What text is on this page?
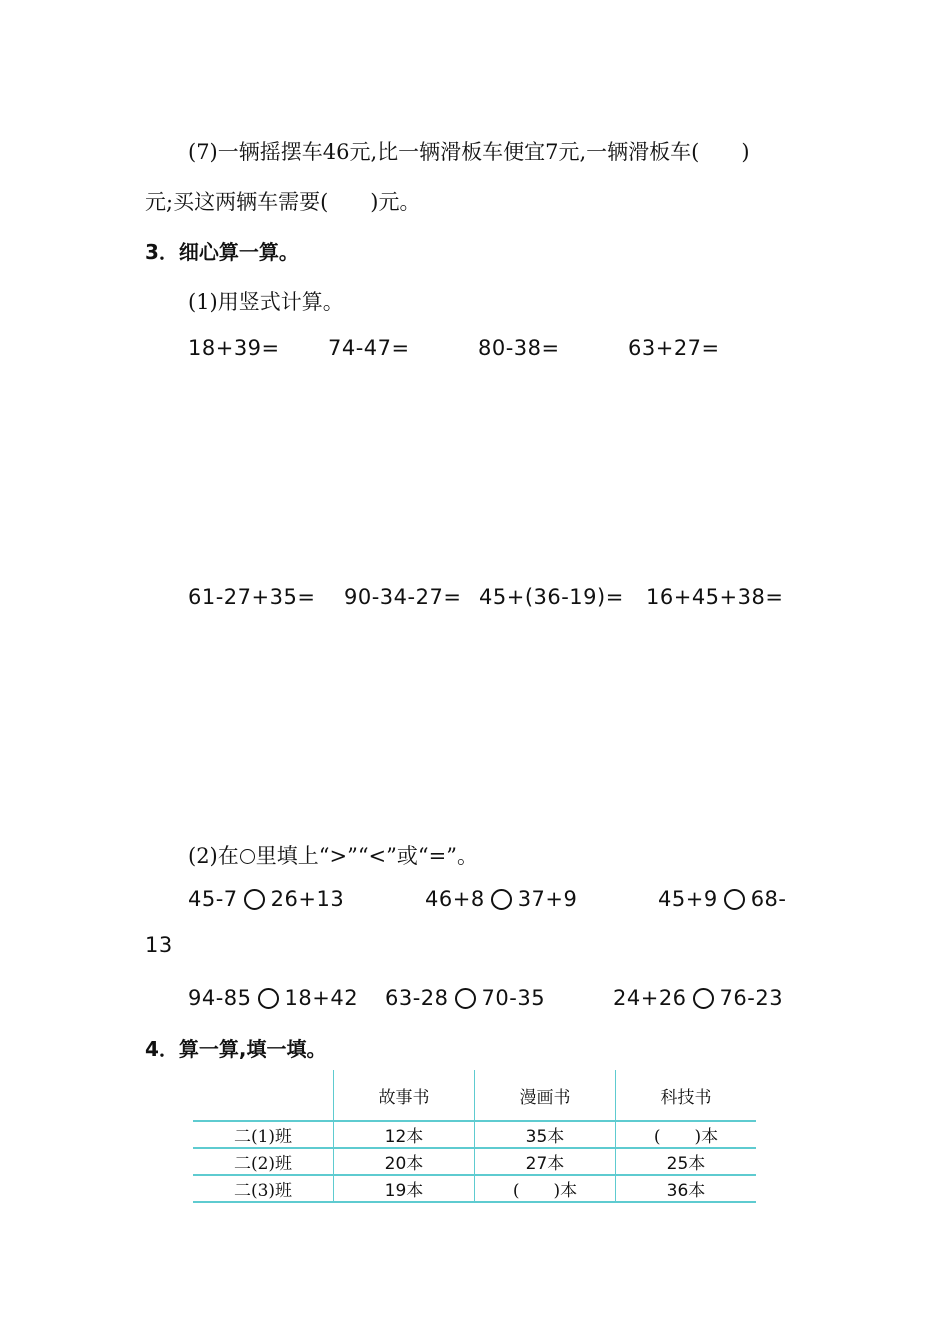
(7)一辆摇摆车46元,比一辆滑板车便宜7元,一辆滑板车(　　)
元;买这两辆车需要(　　)元。
3．细心算一算。
(1)用竖式计算。
18+39= 74-47=	80-38=	63+27=
61-27+35= 90-34-27= 45+(36-19)= 16+45+38=
(2)在 里填上“>”“<”或“=”。
45-7 26+13	46+8 37+9	45+9 68-
13
94-85 18+42 63-28 70-35	24+26 76-23
4．算一算,填一填。
	故事书	漫画书	科技书
二(1)班	12本	35本	(　　)本
二(2)班	20本	27本	25本
二(3)班	19本	(　　)本	36本
